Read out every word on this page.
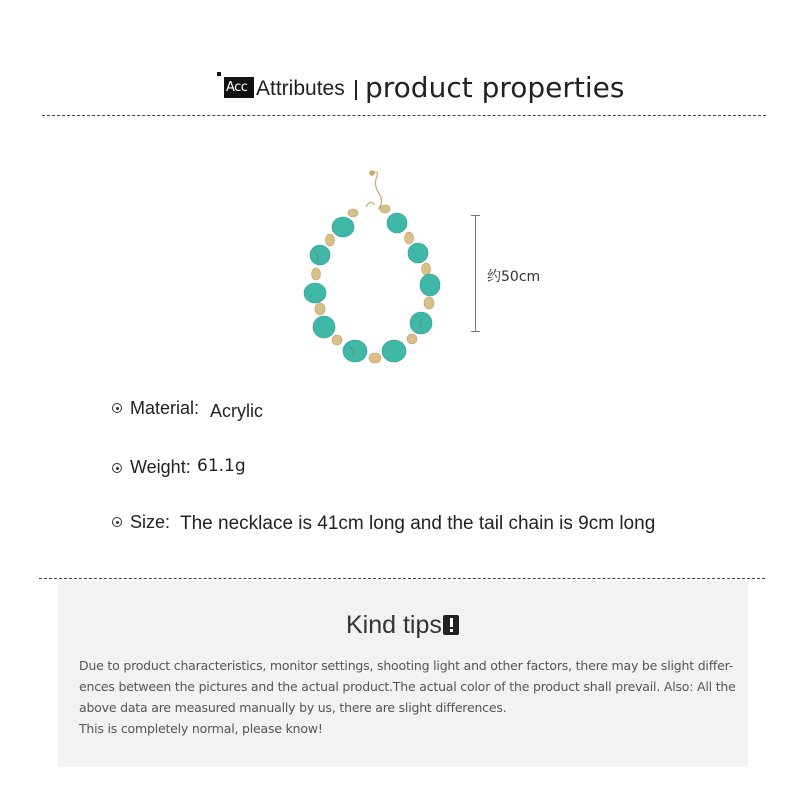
Acc Attributes product properties
约50cm
Material: Acrylic
Weight: 61.1g
Size: The necklace is 41cm long and the tail chain is 9cm long
Kind tips
Due to product characteristics, monitor settings, shooting light and other factors, there may be slight differ-
ences between the pictures and the actual product.The actual color of the product shall prevail. Also: All the
above data are measured manually by us, there are slight differences.
This is completely normal, please know!
